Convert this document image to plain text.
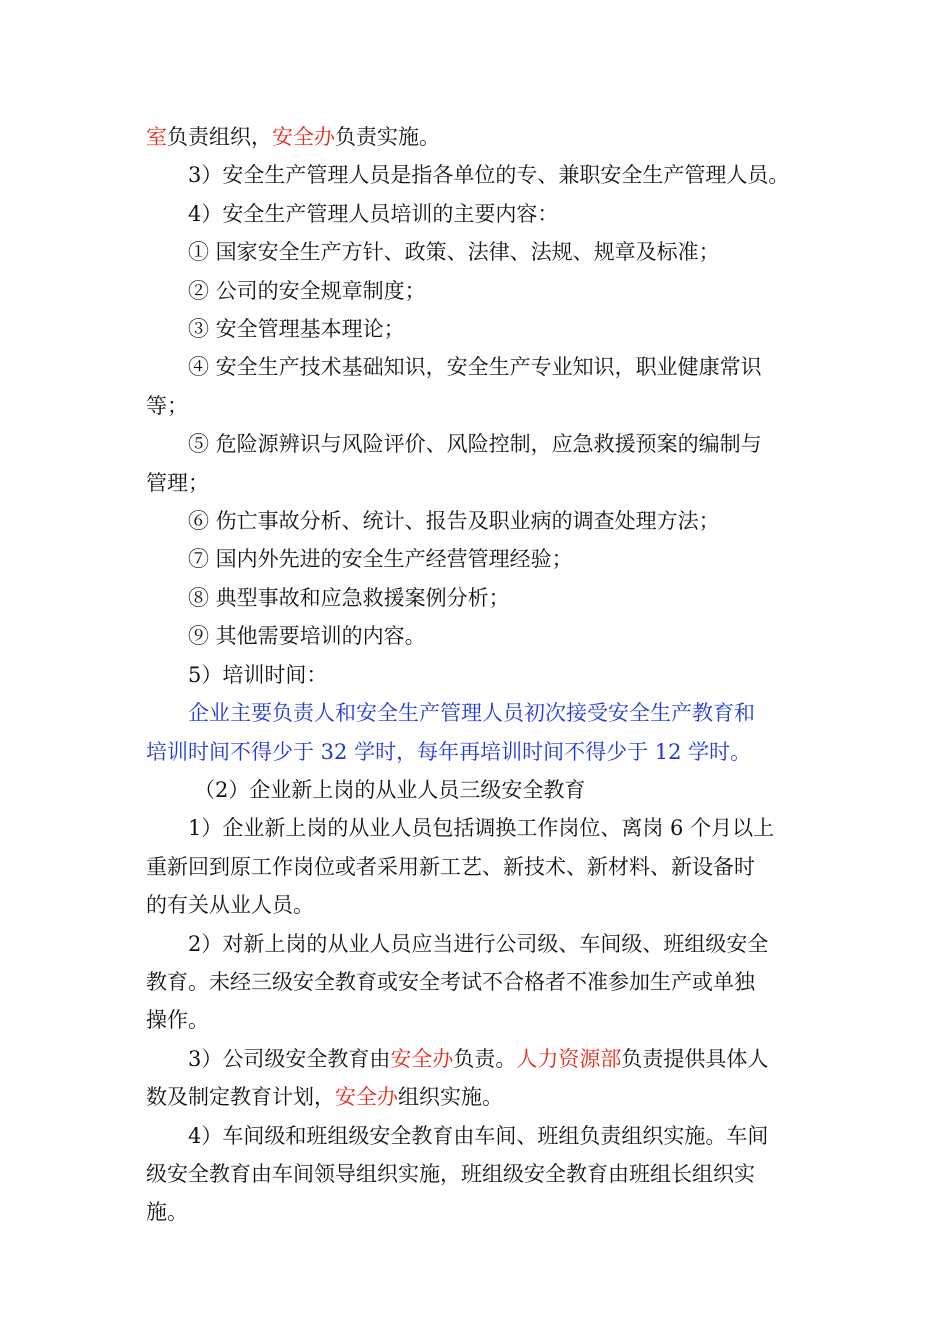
室负责组织，安全办负责实施。

3）安全生产管理人员是指各单位的专、兼职安全生产管理人员。

4）安全生产管理人员培训的主要内容：

① 国家安全生产方针、政策、法律、法规、规章及标准；

② 公司的安全规章制度；

③ 安全管理基本理论；

④ 安全生产技术基础知识，安全生产专业知识，职业健康常识

等；

⑤ 危险源辨识与风险评价、风险控制，应急救援预案的编制与

管理；

⑥ 伤亡事故分析、统计、报告及职业病的调查处理方法；

⑦ 国内外先进的安全生产经营管理经验；

⑧ 典型事故和应急救援案例分析；

⑨ 其他需要培训的内容。

5）培训时间：

企业主要负责人和安全生产管理人员初次接受安全生产教育和

培训时间不得少于 32 学时，每年再培训时间不得少于 12 学时。

（2）企业新上岗的从业人员三级安全教育

1）企业新上岗的从业人员包括调换工作岗位、离岗 6 个月以上

重新回到原工作岗位或者采用新工艺、新技术、新材料、新设备时

的有关从业人员。

2）对新上岗的从业人员应当进行公司级、车间级、班组级安全

教育。未经三级安全教育或安全考试不合格者不准参加生产或单独

操作。

3）公司级安全教育由安全办负责。人力资源部负责提供具体人

数及制定教育计划，安全办组织实施。

4）车间级和班组级安全教育由车间、班组负责组织实施。车间

级安全教育由车间领导组织实施，班组级安全教育由班组长组织实

施。
